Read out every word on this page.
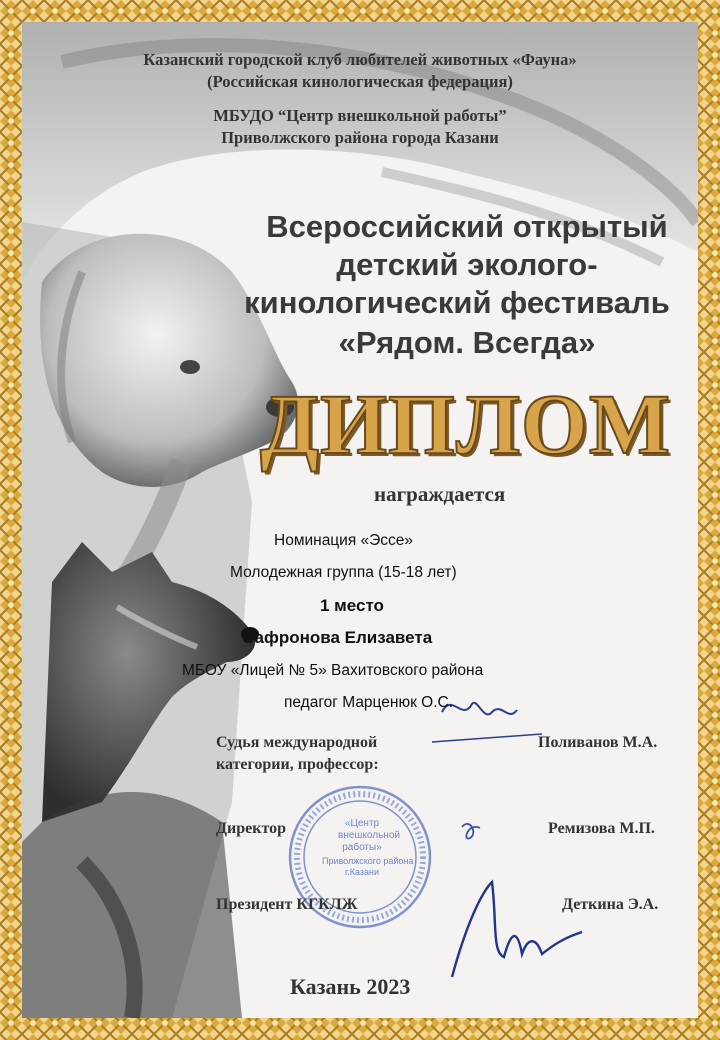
Казанский городской клуб любителей животных «Фауна»
(Российская кинологическая федерация)
МБУДО “Центр внешкольной работы”
Приволжского района города Казани
Всероссийский открытый
детский эколого-
кинологический фестиваль
«Рядом. Всегда»
ДИПЛОМ
награждается
Номинация «Эссе»
Молодежная группа (15-18 лет)
1 место
Сафронова Елизавета
МБОУ «Лицей № 5» Вахитовского района
педагог Марценюк О.С.
Судья международной
категории, профессор:
Поливанов М.А.
Директор	Ремизова М.П.
Президент КГКЛЖ	Деткина Э.А.
«Центр
внешкольной
работы»
Приволжского района
г.Казани
Казань 2023
